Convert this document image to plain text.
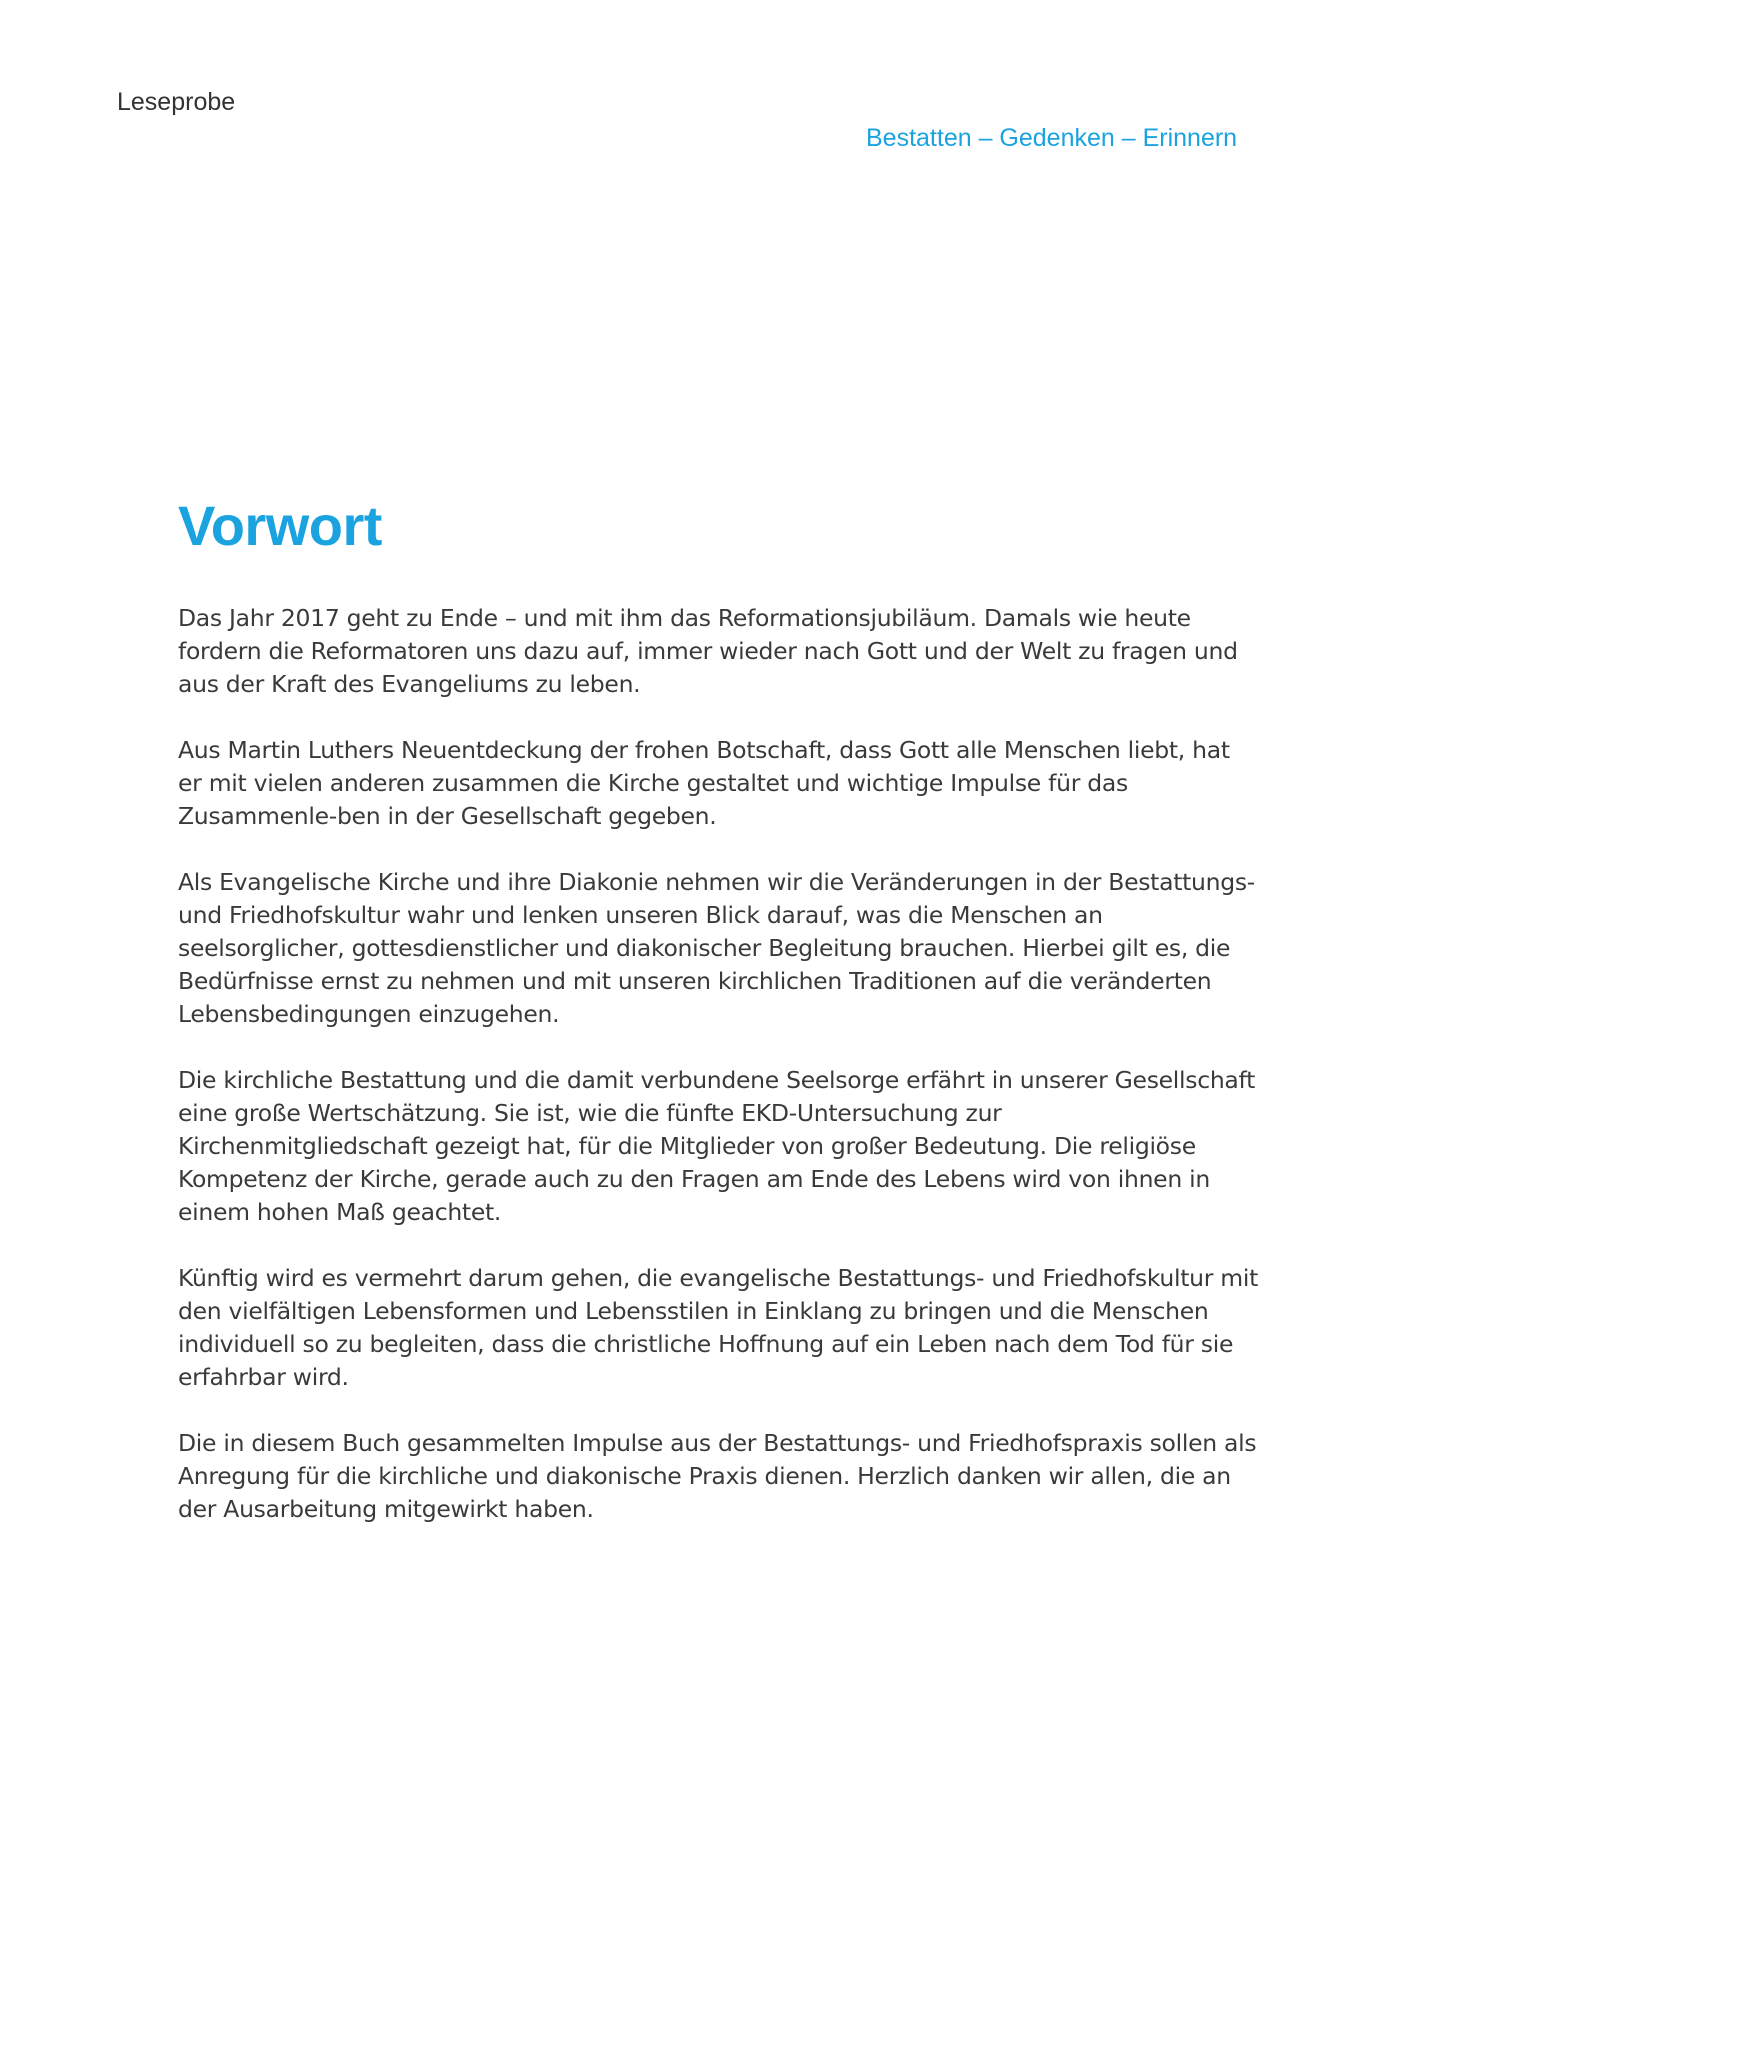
Leseprobe
Bestatten – Gedenken – Erinnern
Vorwort

Das Jahr 2017 geht zu Ende – und mit ihm das Reformationsjubiläum. Damals wie heute fordern die Reformatoren uns dazu auf, immer wieder nach Gott und der Welt zu fragen und aus der Kraft des Evangeliums zu leben.

Aus Martin Luthers Neuentdeckung der frohen Botschaft, dass Gott alle Menschen liebt, hat er mit vielen anderen zusammen die Kirche gestaltet und wichtige Impulse für das Zusammenle-ben in der Gesellschaft gegeben.

Als Evangelische Kirche und ihre Diakonie nehmen wir die Veränderungen in der Bestattungs- und Friedhofskultur wahr und lenken unseren Blick darauf, was die Menschen an seelsorglicher, gottesdienstlicher und diakonischer Begleitung brauchen. Hierbei gilt es, die Bedürfnisse ernst zu nehmen und mit unseren kirchlichen Traditionen auf die veränderten Lebensbedingungen einzugehen.

Die kirchliche Bestattung und die damit verbundene Seelsorge erfährt in unserer Gesellschaft eine große Wertschätzung. Sie ist, wie die fünfte EKD-Untersuchung zur Kirchenmitgliedschaft gezeigt hat, für die Mitglieder von großer Bedeutung. Die religiöse Kompetenz der Kirche, gerade auch zu den Fragen am Ende des Lebens wird von ihnen in einem hohen Maß geachtet.

Künftig wird es vermehrt darum gehen, die evangelische Bestattungs- und Friedhofskultur mit den vielfältigen Lebensformen und Lebensstilen in Einklang zu bringen und die Menschen individuell so zu begleiten, dass die christliche Hoffnung auf ein Leben nach dem Tod für sie erfahrbar wird.

Die in diesem Buch gesammelten Impulse aus der Bestattungs- und Friedhofspraxis sollen als Anregung für die kirchliche und diakonische Praxis dienen. Herzlich danken wir allen, die an der Ausarbeitung mitgewirkt haben.
